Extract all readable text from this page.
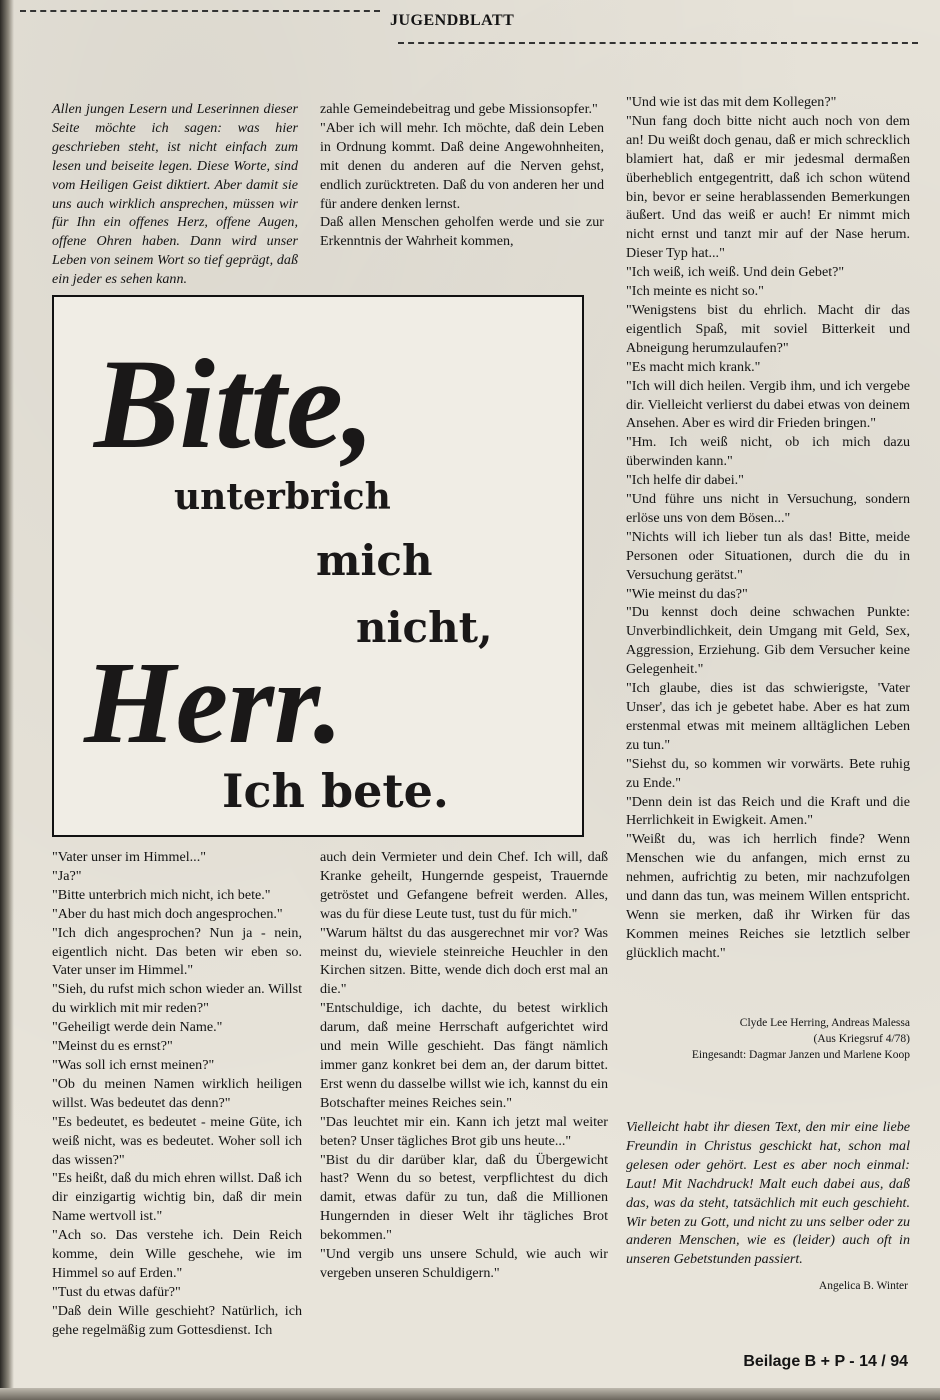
JUGENDBLATT
Allen jungen Lesern und Leserinnen dieser Seite möchte ich sagen: was hier geschrieben steht, ist nicht einfach zum lesen und beiseite legen. Diese Worte, sind vom Heiligen Geist diktiert. Aber damit sie uns auch wirklich ansprechen, müssen wir für Ihn ein offenes Herz, offene Augen, offene Ohren haben. Dann wird unser Leben von seinem Wort so tief geprägt, daß ein jeder es sehen kann.

zahle Gemeindebeitrag und gebe Missionsopfer."

"Aber ich will mehr. Ich möchte, daß dein Leben in Ordnung kommt. Daß deine Angewohnheiten, mit denen du anderen auf die Nerven gehst, endlich zurücktreten. Daß du von anderen her und für andere denken lernst.

Daß allen Menschen geholfen werde und sie zur Erkenntnis der Wahrheit kommen,

"Und wie ist das mit dem Kollegen?"

"Nun fang doch bitte nicht auch noch von dem an! Du weißt doch genau, daß er mich schrecklich blamiert hat, daß er mir jedesmal dermaßen überheblich entgegentritt, daß ich schon wütend bin, bevor er seine herablassenden Bemerkungen äußert. Und das weiß er auch! Er nimmt mich nicht ernst und tanzt mir auf der Nase herum. Dieser Typ hat..."

"Ich weiß, ich weiß. Und dein Gebet?"

"Ich meinte es nicht so."

"Wenigstens bist du ehrlich. Macht dir das eigentlich Spaß, mit soviel Bitterkeit und Abneigung herumzulaufen?"

"Es macht mich krank."

"Ich will dich heilen. Vergib ihm, und ich vergebe dir. Vielleicht verlierst du dabei etwas von deinem Ansehen. Aber es wird dir Frieden bringen."

"Hm. Ich weiß nicht, ob ich mich dazu überwinden kann."

"Ich helfe dir dabei."

"Und führe uns nicht in Versuchung, sondern erlöse uns von dem Bösen..."

"Nichts will ich lieber tun als das! Bitte, meide Personen oder Situationen, durch die du in Versuchung gerätst."

"Wie meinst du das?"

"Du kennst doch deine schwachen Punkte: Unverbindlichkeit, dein Umgang mit Geld, Sex, Aggression, Erziehung. Gib dem Versucher keine Gelegenheit."

"Ich glaube, dies ist das schwierigste, 'Vater Unser', das ich je gebetet habe. Aber es hat zum erstenmal etwas mit meinem alltäglichen Leben zu tun."

"Siehst du, so kommen wir vorwärts. Bete ruhig zu Ende."

"Denn dein ist das Reich und die Kraft und die Herrlichkeit in Ewigkeit. Amen."

"Weißt du, was ich herrlich finde? Wenn Menschen wie du anfangen, mich ernst zu nehmen, aufrichtig zu beten, mir nachzufolgen und dann das tun, was meinem Willen entspricht. Wenn sie merken, daß ihr Wirken für das Kommen meines Reiches sie letztlich selber glücklich macht."

Clyde Lee Herring, Andreas Malessa
(Aus Kriegsruf 4/78)
Eingesandt: Dagmar Janzen und Marlene Koop
Bitte,
unterbrich
mich
nicht,
Herr.
Ich bete.

"Vater unser im Himmel..."

"Ja?"

"Bitte unterbrich mich nicht, ich bete."

"Aber du hast mich doch angesprochen."

"Ich dich angesprochen? Nun ja - nein, eigentlich nicht. Das beten wir eben so. Vater unser im Himmel."

"Sieh, du rufst mich schon wieder an. Willst du wirklich mit mir reden?"

"Geheiligt werde dein Name."

"Meinst du es ernst?"

"Was soll ich ernst meinen?"

"Ob du meinen Namen wirklich heiligen willst. Was bedeutet das denn?"

"Es bedeutet, es bedeutet - meine Güte, ich weiß nicht, was es bedeutet. Woher soll ich das wissen?"

"Es heißt, daß du mich ehren willst. Daß ich dir einzigartig wichtig bin, daß dir mein Name wertvoll ist."

"Ach so. Das verstehe ich. Dein Reich komme, dein Wille geschehe, wie im Himmel so auf Erden."

"Tust du etwas dafür?"

"Daß dein Wille geschieht? Natürlich, ich gehe regelmäßig zum Gottesdienst. Ich

auch dein Vermieter und dein Chef. Ich will, daß Kranke geheilt, Hungernde gespeist, Trauernde getröstet und Gefangene befreit werden. Alles, was du für diese Leute tust, tust du für mich."

"Warum hältst du das ausgerechnet mir vor? Was meinst du, wieviele steinreiche Heuchler in den Kirchen sitzen. Bitte, wende dich doch erst mal an die."

"Entschuldige, ich dachte, du betest wirklich darum, daß meine Herrschaft aufgerichtet wird und mein Wille geschieht. Das fängt nämlich immer ganz konkret bei dem an, der darum bittet. Erst wenn du dasselbe willst wie ich, kannst du ein Botschafter meines Reiches sein."

"Das leuchtet mir ein. Kann ich jetzt mal weiter beten? Unser tägliches Brot gib uns heute..."

"Bist du dir darüber klar, daß du Übergewicht hast? Wenn du so betest, verpflichtest du dich damit, etwas dafür zu tun, daß die Millionen Hungernden in dieser Welt ihr tägliches Brot bekommen."

"Und vergib uns unsere Schuld, wie auch wir vergeben unseren Schuldigern."

Vielleicht habt ihr diesen Text, den mir eine liebe Freundin in Christus geschickt hat, schon mal gelesen oder gehört. Lest es aber noch einmal: Laut! Mit Nachdruck! Malt euch dabei aus, daß das, was da steht, tatsächlich mit euch geschieht. Wir beten zu Gott, und nicht zu uns selber oder zu anderen Menschen, wie es (leider) auch oft in unseren Gebetstunden passiert.
Angelica B. Winter
Beilage B + P - 14 / 94
